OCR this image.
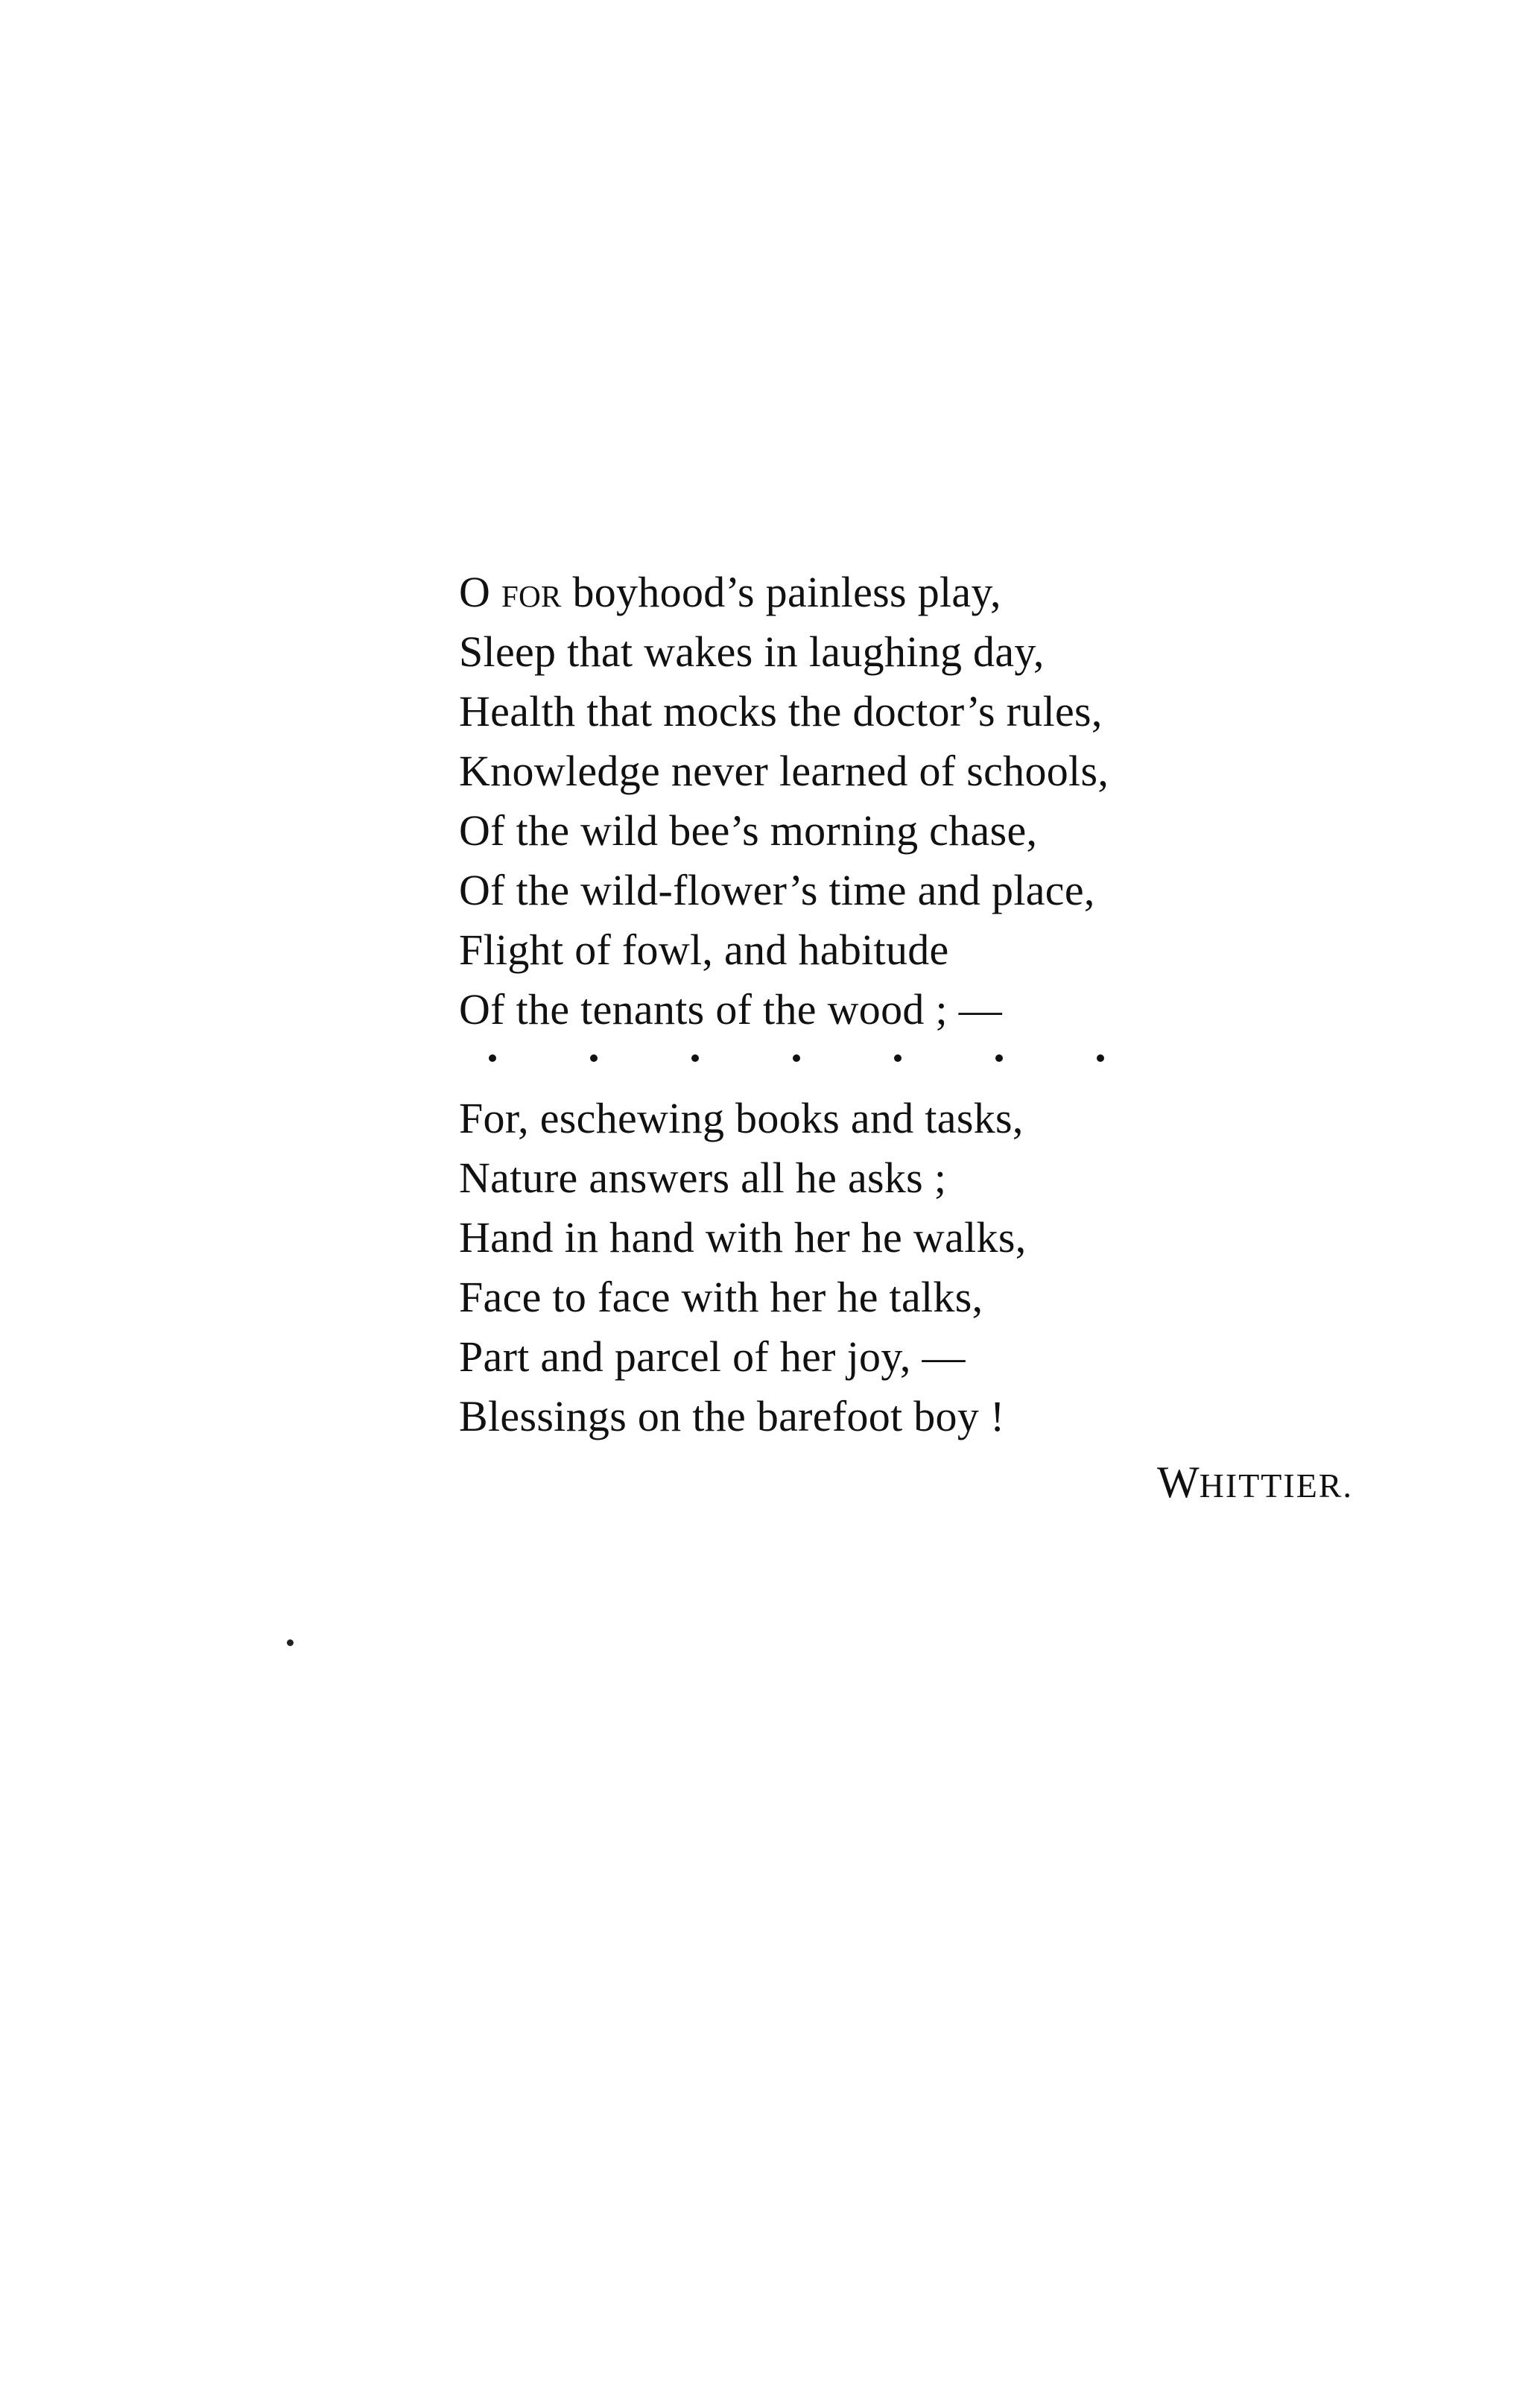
O for boyhood’s painless play,
Sleep that wakes in laughing day,
Health that mocks the doctor’s rules,
Knowledge never learned of schools,
Of the wild bee’s morning chase,
Of the wild-flower’s time and place,
Flight of fowl, and habitude
Of the tenants of the wood ; —
For, eschewing books and tasks,
Nature answers all he asks ;
Hand in hand with her he walks,
Face to face with her he talks,
Part and parcel of her joy, —
Blessings on the barefoot boy !
WHITTIER.
